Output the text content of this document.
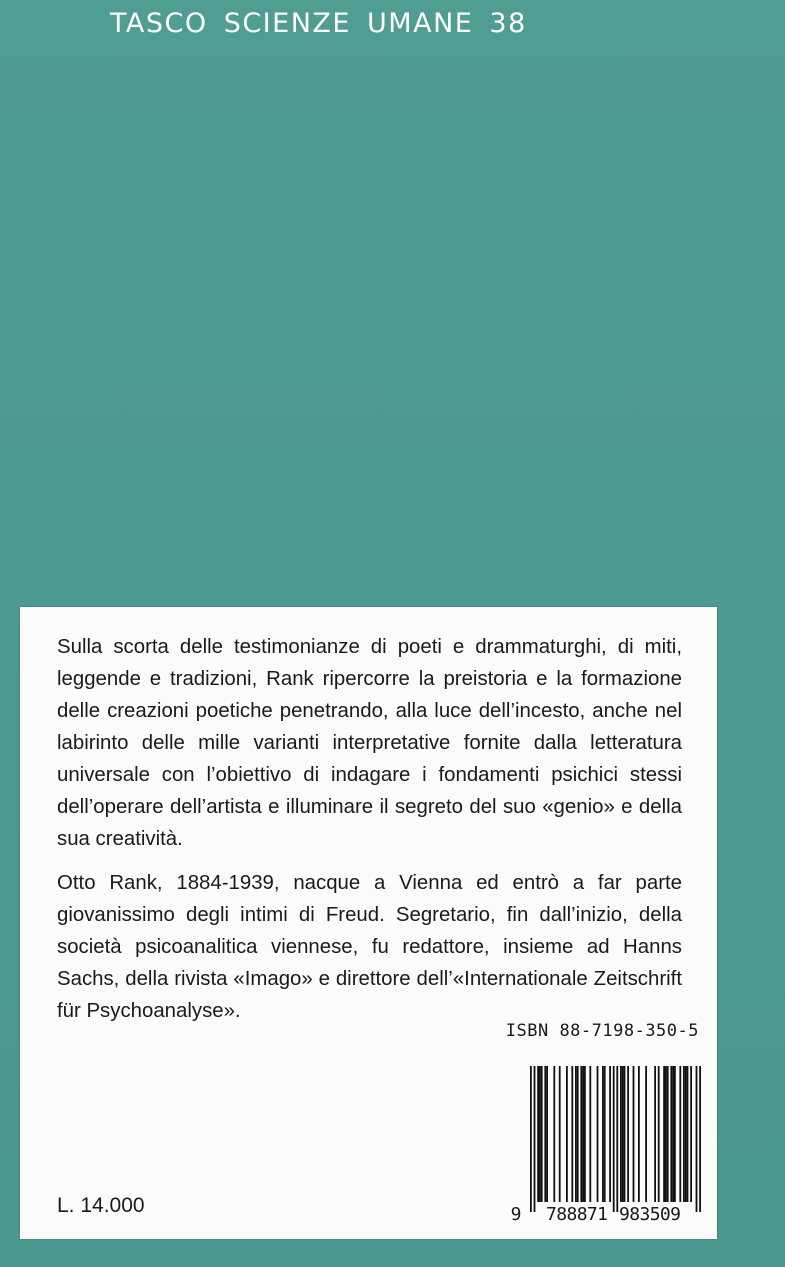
TASCO SCIENZE UMANE 38

Sulla scorta delle testimonianze di poeti e drammaturghi, di miti, leggende e tradizioni, Rank ripercorre la preistoria e la formazione delle creazioni poetiche penetrando, alla luce dell’incesto, anche nel labirinto delle mille varianti interpretative fornite dalla letteratura universale con l’obiettivo di indagare i fondamenti psichici stessi dell’operare dell’artista e illuminare il segreto del suo «genio» e della sua creatività.

Otto Rank, 1884-1939, nacque a Vienna ed entrò a far parte giovanissimo degli intimi di Freud. Segretario, fin dall’inizio, della società psicoanalitica viennese, fu redattore, insieme ad Hanns Sachs, della rivista «Imago» e direttore dell’«Internationale Zeitschrift für Psychoanalyse».

ISBN 88-7198-350-5
9 788871 983509
L. 14.000
